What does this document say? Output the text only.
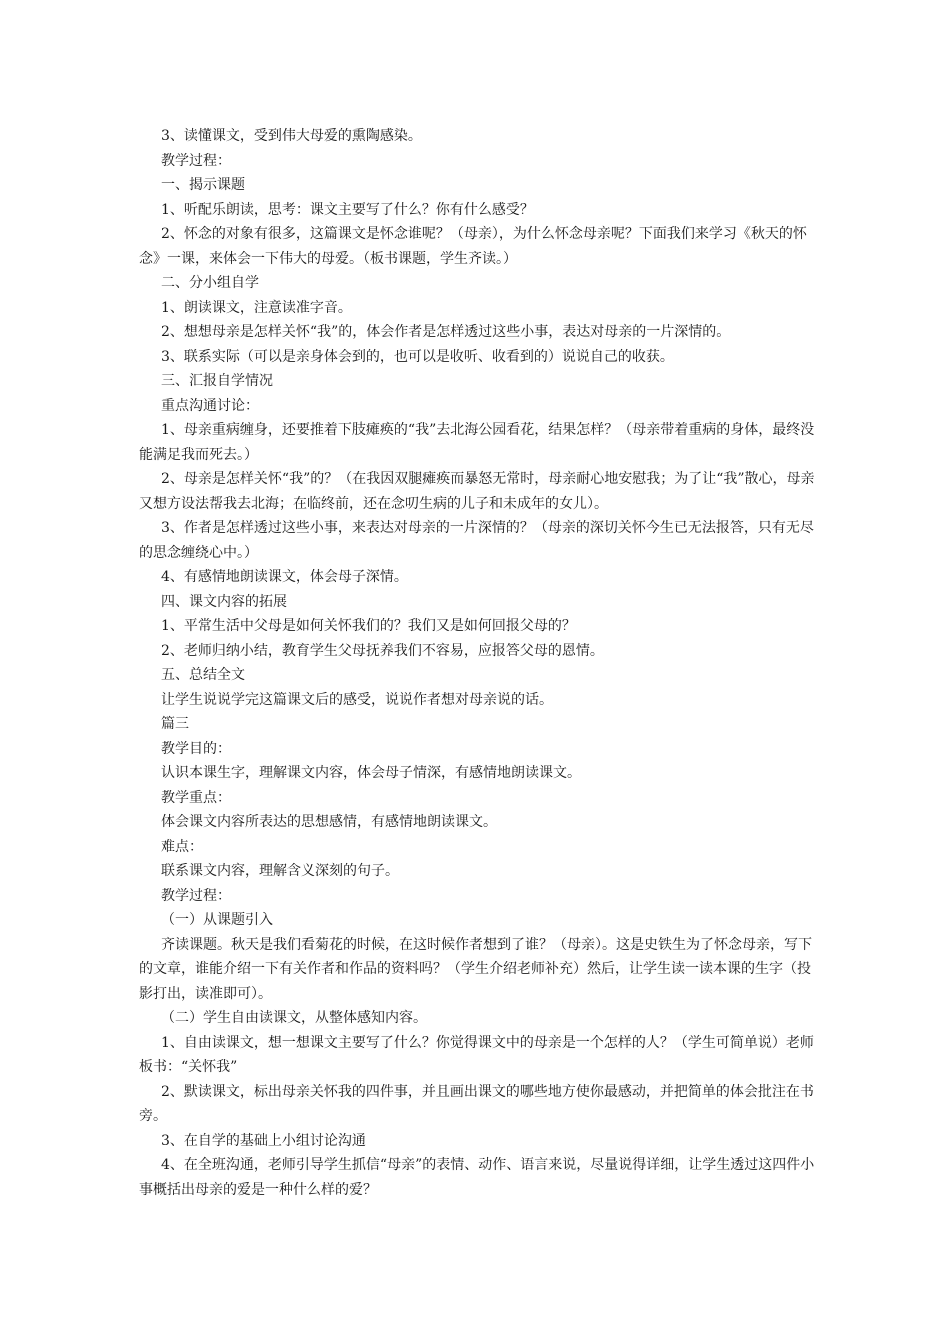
3、读懂课文，受到伟大母爱的熏陶感染。

教学过程：

一、揭示课题

1、听配乐朗读，思考：课文主要写了什么？你有什么感受？

2、怀念的对象有很多，这篇课文是怀念谁呢？（母亲），为什么怀念母亲呢？下面我们来学习《秋天的怀念》一课，来体会一下伟大的母爱。（板书课题，学生齐读。）

二、分小组自学

1、朗读课文，注意读准字音。

2、想想母亲是怎样关怀“我”的，体会作者是怎样透过这些小事，表达对母亲的一片深情的。

3、联系实际（可以是亲身体会到的，也可以是收听、收看到的）说说自己的收获。

三、汇报自学情况

重点沟通讨论：

1、母亲重病缠身，还要推着下肢瘫痪的“我”去北海公园看花，结果怎样？（母亲带着重病的身体，最终没能满足我而死去。）

2、母亲是怎样关怀“我”的？（在我因双腿瘫痪而暴怒无常时，母亲耐心地安慰我；为了让“我”散心，母亲又想方设法帮我去北海；在临终前，还在念叨生病的儿子和未成年的女儿）。

3、作者是怎样透过这些小事，来表达对母亲的一片深情的？（母亲的深切关怀今生已无法报答，只有无尽的思念缠绕心中。）

4、有感情地朗读课文，体会母子深情。

四、课文内容的拓展

1、平常生活中父母是如何关怀我们的？我们又是如何回报父母的？

2、老师归纳小结，教育学生父母抚养我们不容易，应报答父母的恩情。

五、总结全文

让学生说说学完这篇课文后的感受，说说作者想对母亲说的话。

篇三

教学目的：

认识本课生字，理解课文内容，体会母子情深，有感情地朗读课文。

教学重点：

体会课文内容所表达的思想感情，有感情地朗读课文。

难点：

联系课文内容，理解含义深刻的句子。

教学过程：

（一）从课题引入

齐读课题。秋天是我们看菊花的时候，在这时候作者想到了谁？（母亲）。这是史铁生为了怀念母亲，写下的文章，谁能介绍一下有关作者和作品的资料吗？（学生介绍老师补充）然后，让学生读一读本课的生字（投影打出，读准即可）。

（二）学生自由读课文，从整体感知内容。

1、自由读课文，想一想课文主要写了什么？你觉得课文中的母亲是一个怎样的人？（学生可简单说）老师板书：“关怀我”

2、默读课文，标出母亲关怀我的四件事，并且画出课文的哪些地方使你最感动，并把简单的体会批注在书旁。

3、在自学的基础上小组讨论沟通

4、在全班沟通，老师引导学生抓信“母亲”的表情、动作、语言来说，尽量说得详细，让学生透过这四件小事概括出母亲的爱是一种什么样的爱？
